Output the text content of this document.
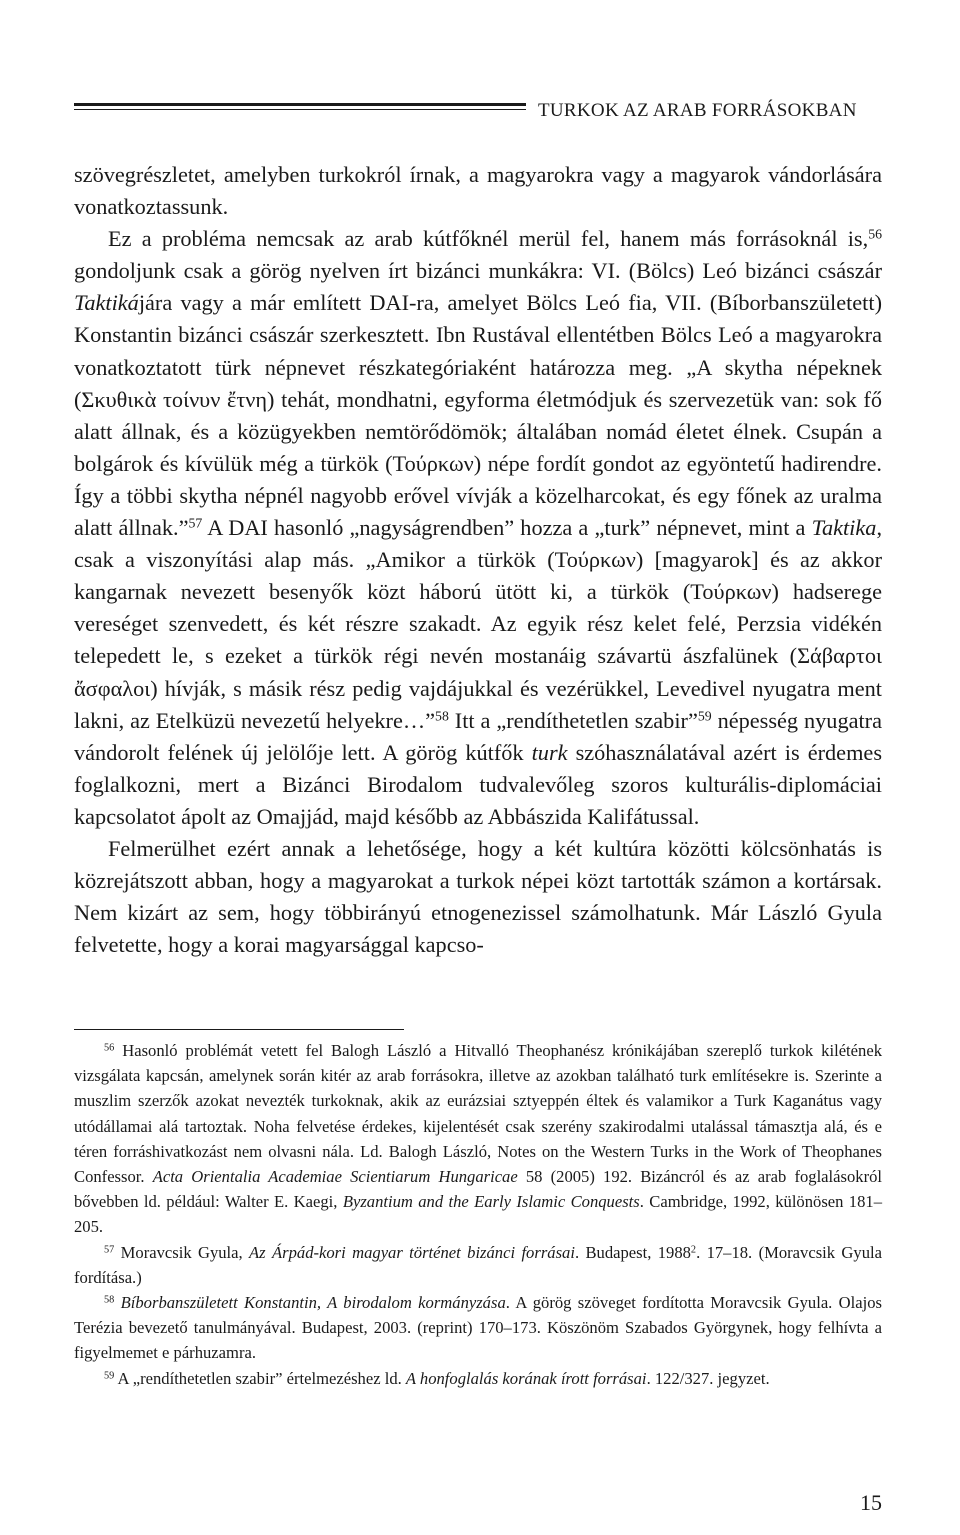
TURKOK AZ ARAB FORRÁSOKBAN

szövegrészletet, amelyben turkokról írnak, a magyarokra vagy a magyarok vándorlására vonatkoztassunk.

Ez a probléma nemcsak az arab kútfőknél merül fel, hanem más forrásoknál is,$^{56}$ gondoljunk csak a görög nyelven írt bizánci munkákra: VI. (Bölcs) Leó bizánci császár Taktikájára vagy a már említett DAI-ra, amelyet Bölcs Leó fia, VII. (Bíborbanszületett) Konstantin bizánci császár szerkesztett. Ibn Rustával ellentétben Bölcs Leó a magyarokra vonatkoztatott türk népnevet részkategóriaként határozza meg. „A skytha népeknek (Σκυθικὰ τοίνυν ἔτνη) tehát, mondhatni, egyforma életmódjuk és szervezetük van: sok fő alatt állnak, és a közügyekben nemtörődömök; általában nomád életet élnek. Csupán a bolgárok és kívülük még a türkök (Τούρκων) népe fordít gondot az egyöntetű hadirendre. Így a többi skytha népnél nagyobb erővel vívják a közelharcokat, és egy főnek az uralma alatt állnak.”$^{57}$ A DAI hasonló „nagyságrendben” hozza a „turk” népnevet, mint a Taktika, csak a viszonyítási alap más. „Amikor a türkök (Τούρκων) [magyarok] és az akkor kangarnak nevezett besenyők közt háború ütött ki, a türkök (Τούρκων) hadserege vereséget szenvedett, és két részre szakadt. Az egyik rész kelet felé, Perzsia vidékén telepedett le, s ezeket a türkök régi nevén mostanáig szávartü ászfalünek (Σάβαρτοι ἄσφαλοι) hívják, s másik rész pedig vajdájukkal és vezérükkel, Levedivel nyugatra ment lakni, az Etelküzü nevezetű helyekre…”$^{58}$ Itt a „rendíthetetlen szabir”$^{59}$ népesség nyugatra vándorolt felének új jelölője lett. A görög kútfők turk szóhasználatával azért is érdemes foglalkozni, mert a Bizánci Birodalom tudvalevőleg szoros kulturális-diplomáciai kapcsolatot ápolt az Omajjád, majd később az Abbászida Kalifátussal.

Felmerülhet ezért annak a lehetősége, hogy a két kultúra közötti kölcsönhatás is közrejátszott abban, hogy a magyarokat a turkok népei közt tartották számon a kortársak. Nem kizárt az sem, hogy többirányú etnogenezissel számolhatunk. Már László Gyula felvetette, hogy a korai magyarsággal kapcso-

$^{56}$ Hasonló problémát vetett fel Balogh László a Hitvalló Theophanész krónikájában szereplő turkok kilétének vizsgálata kapcsán, amelynek során kitér az arab forrásokra, illetve az azokban található turk említésekre is. Szerinte a muszlim szerzők azokat nevezték turkoknak, akik az eurázsiai sztyeppén éltek és valamikor a Turk Kaganátus vagy utódállamai alá tartoztak. Noha felvetése érdekes, kijelentését csak szerény szakirodalmi utalással támasztja alá, és e téren forráshivatkozást nem olvasni nála. Ld. Balogh László, Notes on the Western Turks in the Work of Theophanes Confessor. Acta Orientalia Academiae Scientiarum Hungaricae 58 (2005) 192. Bizáncról és az arab foglalásokról bővebben ld. például: Walter E. Kaegi, Byzantium and the Early Islamic Conquests. Cambridge, 1992, különösen 181–205.

$^{57}$ Moravcsik Gyula, Az Árpád-kori magyar történet bizánci forrásai. Budapest, 1988$^2$. 17–18. (Moravcsik Gyula fordítása.)

$^{58}$ Bíborbanszületett Konstantin, A birodalom kormányzása. A görög szöveget fordította Moravcsik Gyula. Olajos Terézia bevezető tanulmányával. Budapest, 2003. (reprint) 170–173. Köszönöm Szabados Györgynek, hogy felhívta a figyelmemet e párhuzamra.

$^{59}$ A „rendíthetetlen szabir” értelmezéshez ld. A honfoglalás korának írott forrásai. 122/327. jegyzet.

15
